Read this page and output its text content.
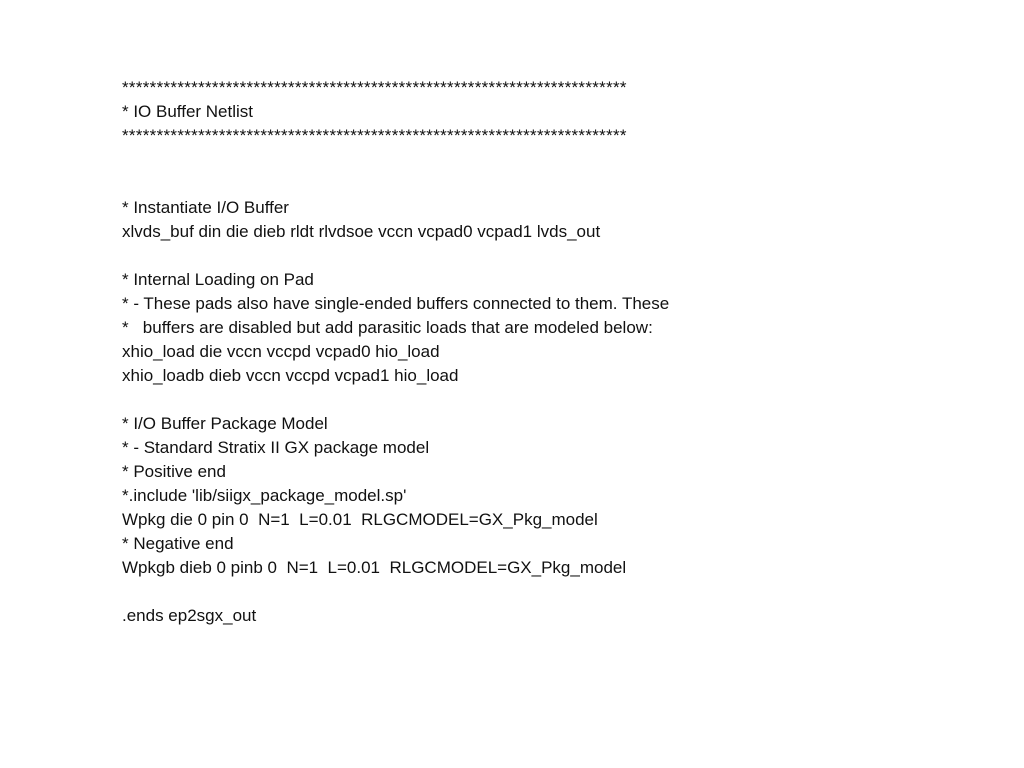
*************************************************************************
* IO Buffer Netlist
*************************************************************************
* Instantiate I/O Buffer
xlvds_buf din die dieb rldt rlvdsoe vccn vcpad0 vcpad1 lvds_out
* Internal Loading on Pad
* - These pads also have single-ended buffers connected to them. These
*   buffers are disabled but add parasitic loads that are modeled below:
xhio_load die vccn vccpd vcpad0 hio_load
xhio_loadb dieb vccn vccpd vcpad1 hio_load
* I/O Buffer Package Model
* - Standard Stratix II GX package model
* Positive end
*.include 'lib/siigx_package_model.sp'
Wpkg die 0 pin 0  N=1  L=0.01  RLGCMODEL=GX_Pkg_model
* Negative end
Wpkgb dieb 0 pinb 0  N=1  L=0.01  RLGCMODEL=GX_Pkg_model
.ends ep2sgx_out
